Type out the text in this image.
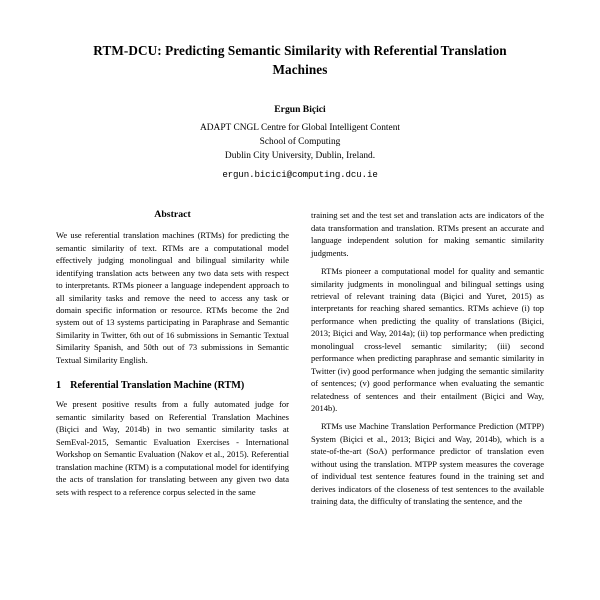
RTM-DCU: Predicting Semantic Similarity with Referential Translation Machines
Ergun Biçici
ADAPT CNGL Centre for Global Intelligent Content
School of Computing
Dublin City University, Dublin, Ireland.
ergun.bicici@computing.dcu.ie
Abstract

We use referential translation machines (RTMs) for predicting the semantic similarity of text. RTMs are a computational model effectively judging monolingual and bilingual similarity while identifying translation acts between any two data sets with respect to interpretants. RTMs pioneer a language independent approach to all similarity tasks and remove the need to access any task or domain specific information or resource. RTMs become the 2nd system out of 13 systems participating in Paraphrase and Semantic Similarity in Twitter, 6th out of 16 submissions in Semantic Textual Similarity Spanish, and 50th out of 73 submissions in Semantic Textual Similarity English.

1 Referential Translation Machine (RTM)

We present positive results from a fully automated judge for semantic similarity based on Referential Translation Machines (Biçici and Way, 2014b) in two semantic similarity tasks at SemEval-2015, Semantic Evaluation Exercises - International Workshop on Semantic Evaluation (Nakov et al., 2015). Referential translation machine (RTM) is a computational model for identifying the acts of translation for translating between any given two data sets with respect to a reference corpus selected in the same

training set and the test set and translation acts are indicators of the data transformation and translation. RTMs present an accurate and language independent solution for making semantic similarity judgments.

RTMs pioneer a computational model for quality and semantic similarity judgments in monolingual and bilingual settings using retrieval of relevant training data (Biçici and Yuret, 2015) as interpretants for reaching shared semantics. RTMs achieve (i) top performance when predicting the quality of translations (Biçici, 2013; Biçici and Way, 2014a); (ii) top performance when predicting monolingual cross-level semantic similarity; (iii) second performance when predicting paraphrase and semantic similarity in Twitter (iv) good performance when judging the semantic similarity of sentences; (v) good performance when evaluating the semantic relatedness of sentences and their entailment (Biçici and Way, 2014b).

RTMs use Machine Translation Performance Prediction (MTPP) System (Biçici et al., 2013; Biçici and Way, 2014b), which is a state-of-the-art (SoA) performance predictor of translation even without using the translation. MTPP system measures the coverage of individual test sentence features found in the training set and derives indicators of the closeness of test sentences to the available training data, the difficulty of translating the sentence, and the
